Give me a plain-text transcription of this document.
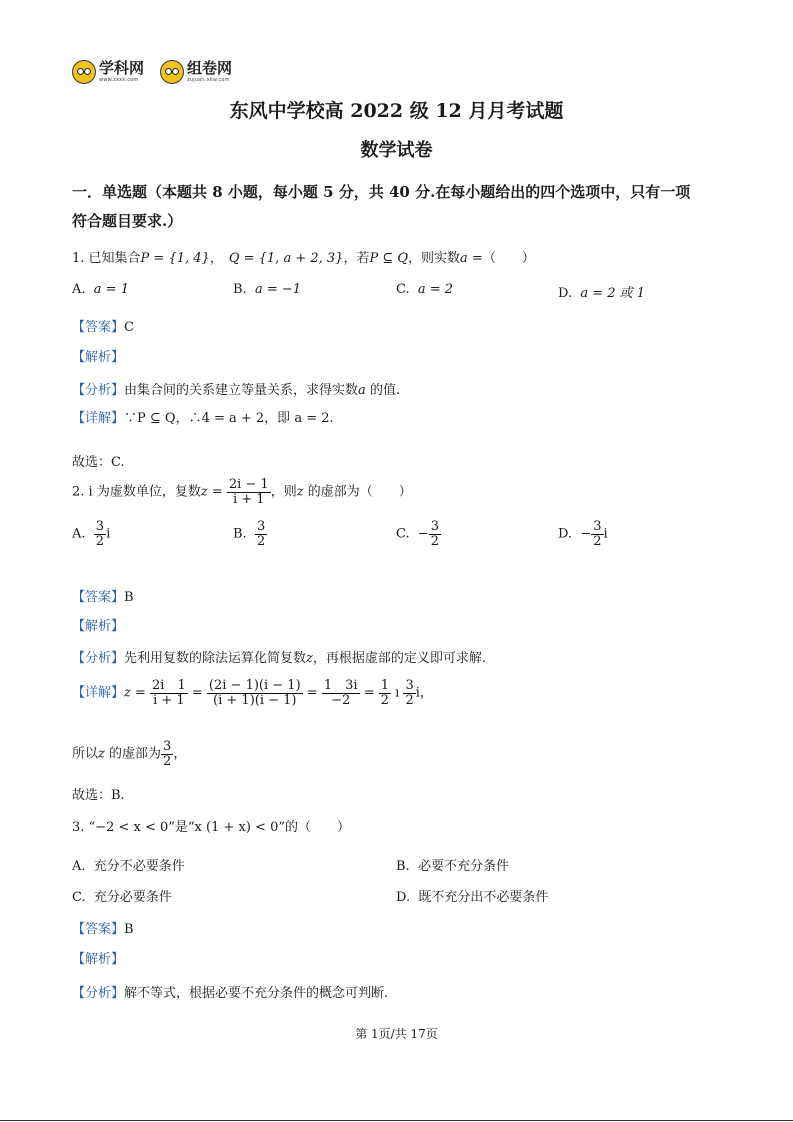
学科网
www.zxxk.com
组卷网
zujuan.xkw.com
东风中学校高 2022 级 12 月月考试题
数学试卷
一．单选题（本题共 8 小题，每小题 5 分，共 40 分.在每小题给出的四个选项中，只有一项
符合题目要求.）
1. 已知集合P = {1, 4}， Q = {1, a + 2, 3}，若P ⊆ Q，则实数a =（　　）
A. a = 1	B. a = −1	C. a = 2	D. a = 2 或 1
【答案】C
【解析】
【分析】由集合间的关系建立等量关系，求得实数a 的值.
【详解】∵P ⊆ Q，∴4 = a + 2，即 a = 2.
故选：C.
2. i 为虚数单位，复数$z = \frac{2i - 1}{i + 1}$ ，则z 的虚部为（　　）
A. $\frac{3}{2}$ i	B. $\frac{3}{2}$	C. − $\frac{3}{2}$	D. − $\frac{3}{2}$ i
【答案】B
【解析】
【分析】先利用复数的除法运算化简复数z，再根据虚部的定义即可求解.
【详解】$z = \frac{2i 1}{i + 1} = \frac{(2i - 1)(i - 1)}{(i + 1)(i - 1)} = \frac{1 3i}{-2} = \frac{1}{2}$ ı $\frac{3}{2}$ i，
所以z 的虚部为 $\frac{3}{2}$ ，
故选：B.
3. “−2 < x < 0”是“x (1 + x) < 0”的（　　）
A. 充分不必要条件	B. 必要不充分条件
C. 充分必要条件	D. 既不充分出不必要条件
【答案】B
【解析】
【分析】解不等式，根据必要不充分条件的概念可判断.
第 1页/共 17页
